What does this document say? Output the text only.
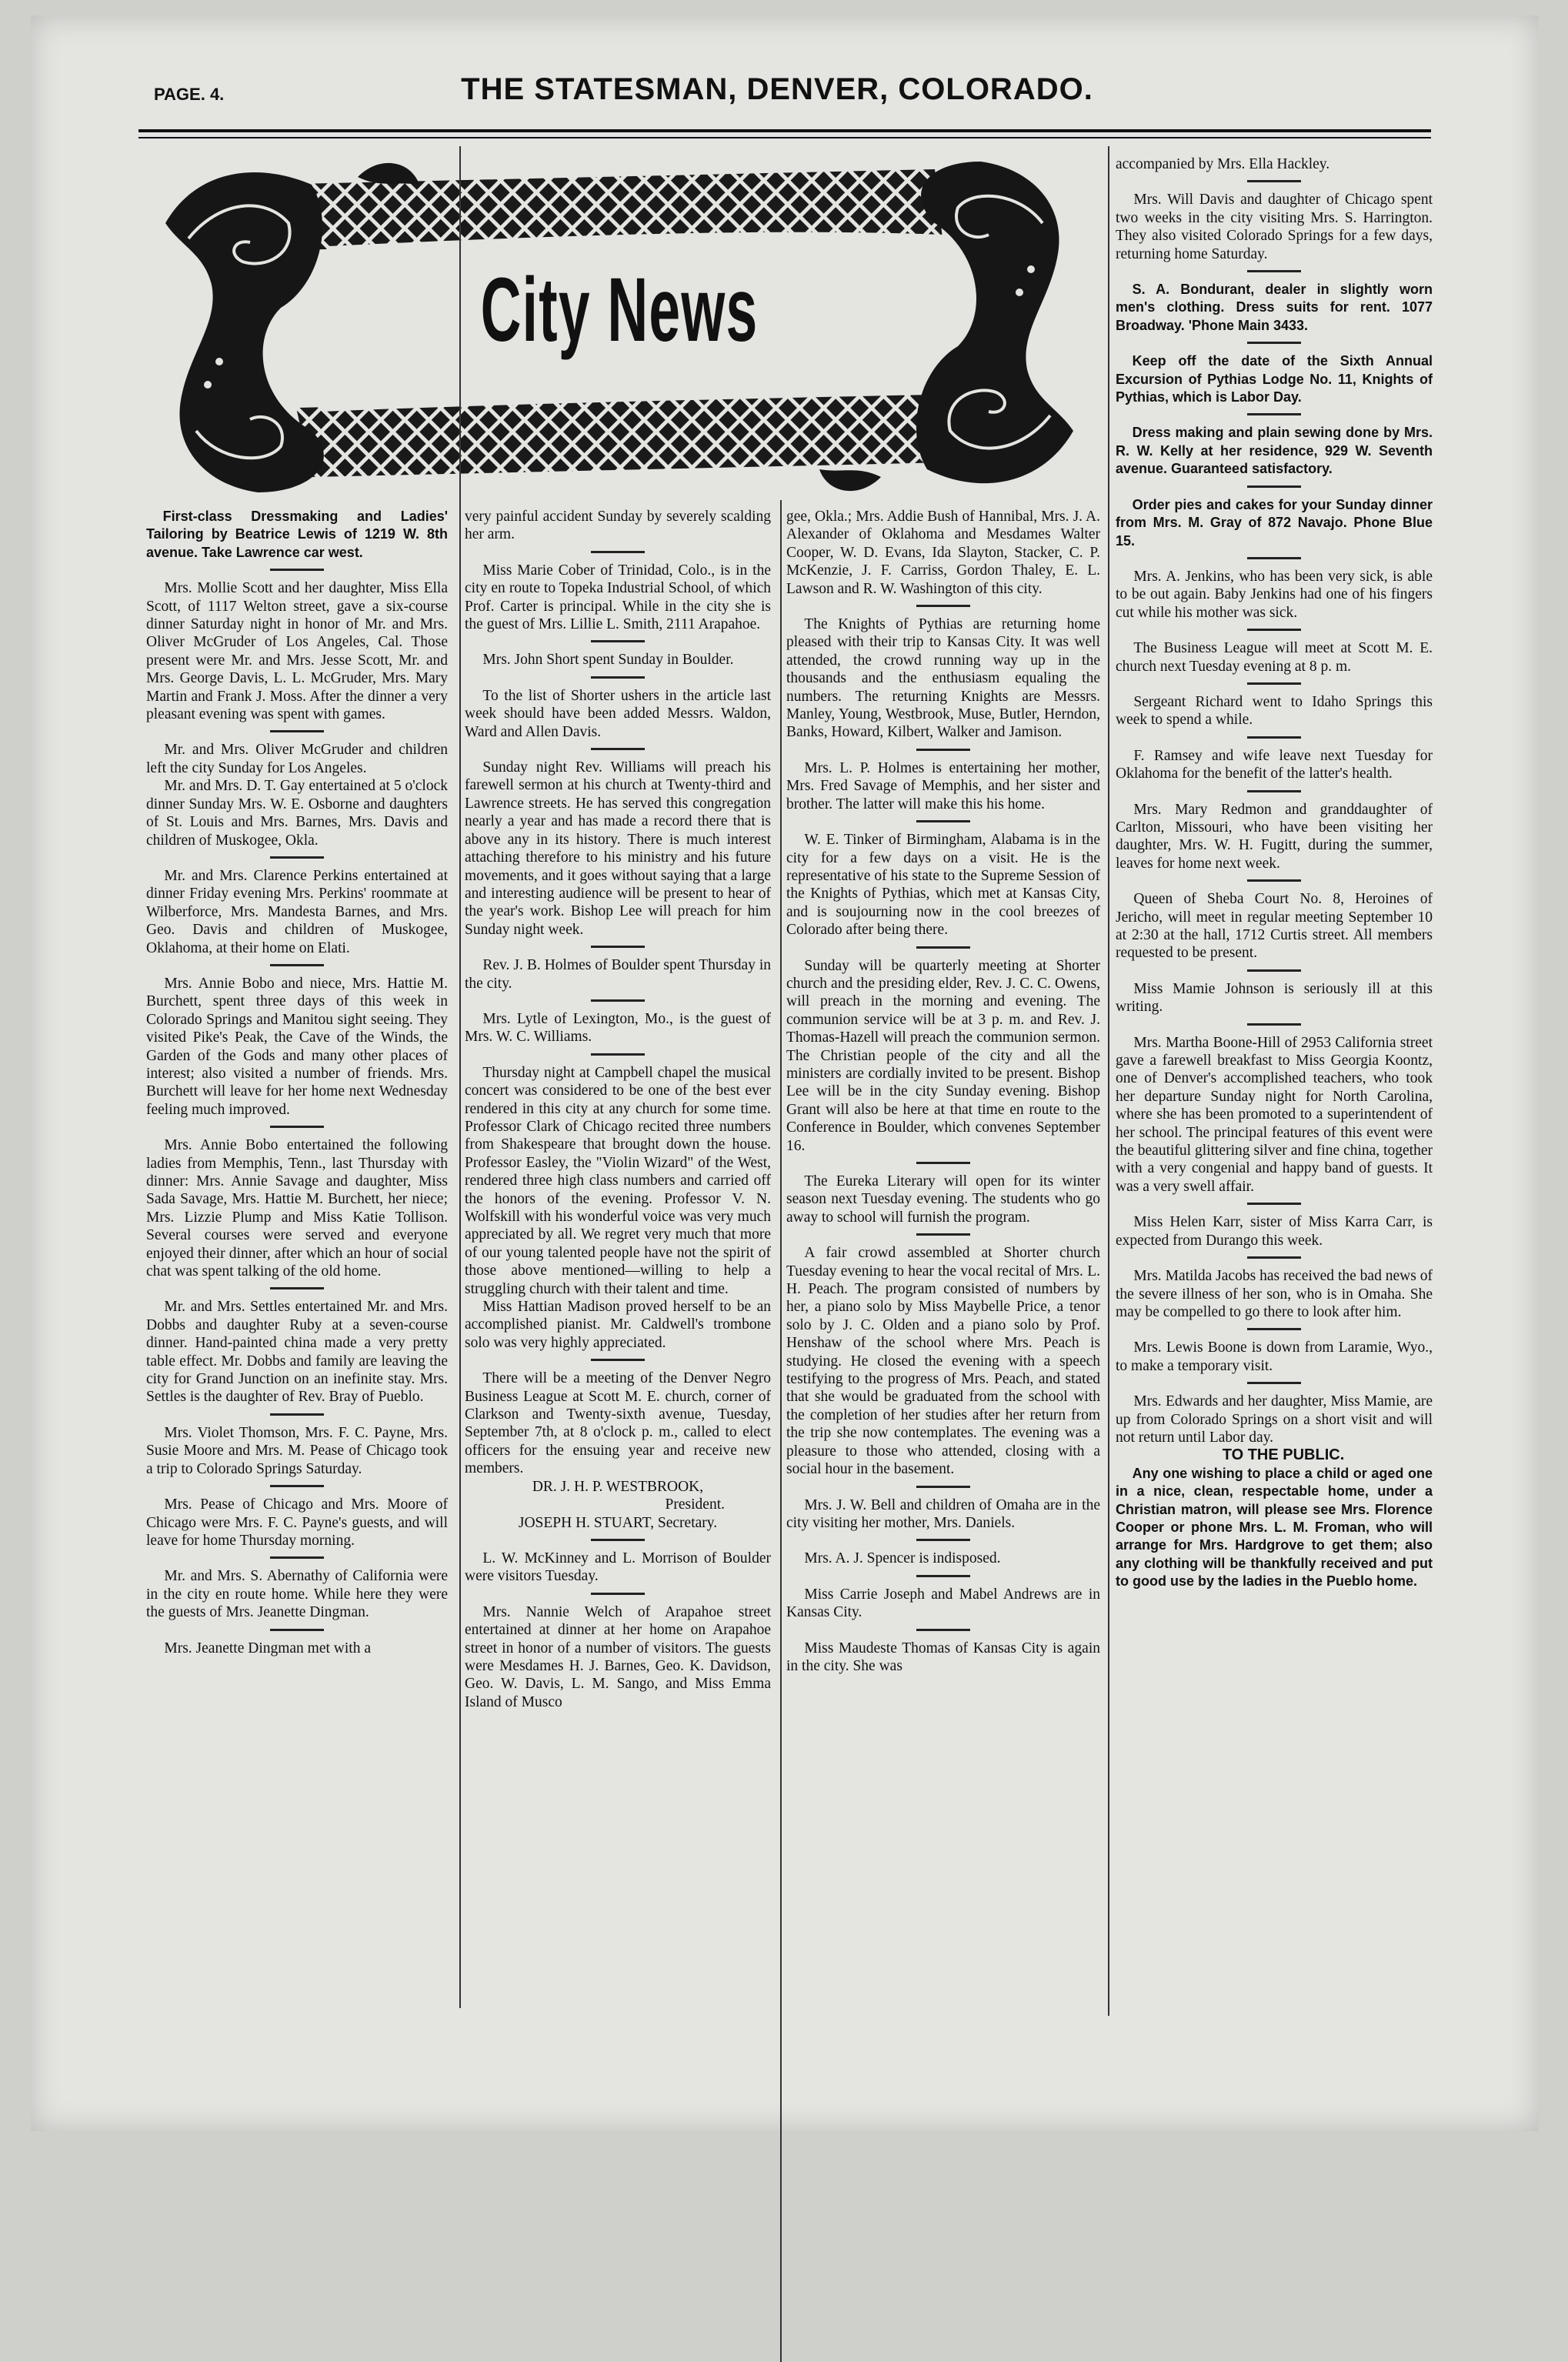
PAGE. 4.	THE STATESMAN, DENVER, COLORADO.
City News

First-class Dressmaking and Ladies' Tailoring by Beatrice Lewis of 1219 W. 8th avenue. Take Lawrence car west.

Mrs. Mollie Scott and her daughter, Miss Ella Scott, of 1117 Welton street, gave a six-course dinner Saturday night in honor of Mr. and Mrs. Oliver McGruder of Los Angeles, Cal. Those present were Mr. and Mrs. Jesse Scott, Mr. and Mrs. George Davis, L. L. McGruder, Mrs. Mary Martin and Frank J. Moss. After the dinner a very pleasant evening was spent with games.

Mr. and Mrs. Oliver McGruder and children left the city Sunday for Los Angeles.

Mr. and Mrs. D. T. Gay entertained at 5 o'clock dinner Sunday Mrs. W. E. Osborne and daughters of St. Louis and Mrs. Barnes, Mrs. Davis and children of Muskogee, Okla.

Mr. and Mrs. Clarence Perkins entertained at dinner Friday evening Mrs. Perkins' roommate at Wilberforce, Mrs. Mandesta Barnes, and Mrs. Geo. Davis and children of Muskogee, Oklahoma, at their home on Elati.

Mrs. Annie Bobo and niece, Mrs. Hattie M. Burchett, spent three days of this week in Colorado Springs and Manitou sight seeing. They visited Pike's Peak, the Cave of the Winds, the Garden of the Gods and many other places of interest; also visited a number of friends. Mrs. Burchett will leave for her home next Wednesday feeling much improved.

Mrs. Annie Bobo entertained the following ladies from Memphis, Tenn., last Thursday with dinner: Mrs. Annie Savage and daughter, Miss Sada Savage, Mrs. Hattie M. Burchett, her niece; Mrs. Lizzie Plump and Miss Katie Tollison. Several courses were served and everyone enjoyed their dinner, after which an hour of social chat was spent talking of the old home.

Mr. and Mrs. Settles entertained Mr. and Mrs. Dobbs and daughter Ruby at a seven-course dinner. Hand-painted china made a very pretty table effect. Mr. Dobbs and family are leaving the city for Grand Junction on an inefinite stay. Mrs. Settles is the daughter of Rev. Bray of Pueblo.

Mrs. Violet Thomson, Mrs. F. C. Payne, Mrs. Susie Moore and Mrs. M. Pease of Chicago took a trip to Colorado Springs Saturday.

Mrs. Pease of Chicago and Mrs. Moore of Chicago were Mrs. F. C. Payne's guests, and will leave for home Thursday morning.

Mr. and Mrs. S. Abernathy of California were in the city en route home. While here they were the guests of Mrs. Jeanette Dingman.

Mrs. Jeanette Dingman met with a

very painful accident Sunday by severely scalding her arm.

Miss Marie Cober of Trinidad, Colo., is in the city en route to Topeka Industrial School, of which Prof. Carter is principal. While in the city she is the guest of Mrs. Lillie L. Smith, 2111 Arapahoe.

Mrs. John Short spent Sunday in Boulder.

To the list of Shorter ushers in the article last week should have been added Messrs. Waldon, Ward and Allen Davis.

Sunday night Rev. Williams will preach his farewell sermon at his church at Twenty-third and Lawrence streets. He has served this congregation nearly a year and has made a record there that is above any in its history. There is much interest attaching therefore to his ministry and his future movements, and it goes without saying that a large and interesting audience will be present to hear of the year's work. Bishop Lee will preach for him Sunday night week.

Rev. J. B. Holmes of Boulder spent Thursday in the city.

Mrs. Lytle of Lexington, Mo., is the guest of Mrs. W. C. Williams.

Thursday night at Campbell chapel the musical concert was considered to be one of the best ever rendered in this city at any church for some time. Professor Clark of Chicago recited three numbers from Shakespeare that brought down the house. Professor Easley, the "Violin Wizard" of the West, rendered three high class numbers and carried off the honors of the evening. Professor V. N. Wolfskill with his wonderful voice was very much appreciated by all. We regret very much that more of our young talented people have not the spirit of those above mentioned—willing to help a struggling church with their talent and time.

Miss Hattian Madison proved herself to be an accomplished pianist. Mr. Caldwell's trombone solo was very highly appreciated.

There will be a meeting of the Denver Negro Business League at Scott M. E. church, corner of Clarkson and Twenty-sixth avenue, Tuesday, September 7th, at 8 o'clock p. m., called to elect officers for the ensuing year and receive new members.

DR. J. H. P. WESTBROOK,

President.

JOSEPH H. STUART, Secretary.

L. W. McKinney and L. Morrison of Boulder were visitors Tuesday.

Mrs. Nannie Welch of Arapahoe street entertained at dinner at her home on Arapahoe street in honor of a number of visitors. The guests were Mesdames H. J. Barnes, Geo. K. Davidson, Geo. W. Davis, L. M. Sango, and Miss Emma Island of Musco

gee, Okla.; Mrs. Addie Bush of Hannibal, Mrs. J. A. Alexander of Oklahoma and Mesdames Walter Cooper, W. D. Evans, Ida Slayton, Stacker, C. P. McKenzie, J. F. Carriss, Gordon Thaley, E. L. Lawson and R. W. Washington of this city.

The Knights of Pythias are returning home pleased with their trip to Kansas City. It was well attended, the crowd running way up in the thousands and the enthusiasm equaling the numbers. The returning Knights are Messrs. Manley, Young, Westbrook, Muse, Butler, Herndon, Banks, Howard, Kilbert, Walker and Jamison.

Mrs. L. P. Holmes is entertaining her mother, Mrs. Fred Savage of Memphis, and her sister and brother. The latter will make this his home.

W. E. Tinker of Birmingham, Alabama is in the city for a few days on a visit. He is the representative of his state to the Supreme Session of the Knights of Pythias, which met at Kansas City, and is soujourning now in the cool breezes of Colorado after being there.

Sunday will be quarterly meeting at Shorter church and the presiding elder, Rev. J. C. C. Owens, will preach in the morning and evening. The communion service will be at 3 p. m. and Rev. J. Thomas-Hazell will preach the communion sermon. The Christian people of the city and all the ministers are cordially invited to be present. Bishop Lee will be in the city Sunday evening. Bishop Grant will also be here at that time en route to the Conference in Boulder, which convenes September 16.

The Eureka Literary will open for its winter season next Tuesday evening. The students who go away to school will furnish the program.

A fair crowd assembled at Shorter church Tuesday evening to hear the vocal recital of Mrs. L. H. Peach. The program consisted of numbers by her, a piano solo by Miss Maybelle Price, a tenor solo by J. C. Olden and a piano solo by Prof. Henshaw of the school where Mrs. Peach is studying. He closed the evening with a speech testifying to the progress of Mrs. Peach, and stated that she would be graduated from the school with the completion of her studies after her return from the trip she now contemplates. The evening was a pleasure to those who attended, closing with a social hour in the basement.

Mrs. J. W. Bell and children of Omaha are in the city visiting her mother, Mrs. Daniels.

Mrs. A. J. Spencer is indisposed.

Miss Carrie Joseph and Mabel Andrews are in Kansas City.

Miss Maudeste Thomas of Kansas City is again in the city. She was

accompanied by Mrs. Ella Hackley.

Mrs. Will Davis and daughter of Chicago spent two weeks in the city visiting Mrs. S. Harrington. They also visited Colorado Springs for a few days, returning home Saturday.

S. A. Bondurant, dealer in slightly worn men's clothing. Dress suits for rent. 1077 Broadway. 'Phone Main 3433.

Keep off the date of the Sixth Annual Excursion of Pythias Lodge No. 11, Knights of Pythias, which is Labor Day.

Dress making and plain sewing done by Mrs. R. W. Kelly at her residence, 929 W. Seventh avenue. Guaranteed satisfactory.

Order pies and cakes for your Sunday dinner from Mrs. M. Gray of 872 Navajo. Phone Blue 15.

Mrs. A. Jenkins, who has been very sick, is able to be out again. Baby Jenkins had one of his fingers cut while his mother was sick.

The Business League will meet at Scott M. E. church next Tuesday evening at 8 p. m.

Sergeant Richard went to Idaho Springs this week to spend a while.

F. Ramsey and wife leave next Tuesday for Oklahoma for the benefit of the latter's health.

Mrs. Mary Redmon and granddaughter of Carlton, Missouri, who have been visiting her daughter, Mrs. W. H. Fugitt, during the summer, leaves for home next week.

Queen of Sheba Court No. 8, Heroines of Jericho, will meet in regular meeting September 10 at 2:30 at the hall, 1712 Curtis street. All members requested to be present.

Miss Mamie Johnson is seriously ill at this writing.

Mrs. Martha Boone-Hill of 2953 California street gave a farewell breakfast to Miss Georgia Koontz, one of Denver's accomplished teachers, who took her departure Sunday night for North Carolina, where she has been promoted to a superintendent of her school. The principal features of this event were the beautiful glittering silver and fine china, together with a very congenial and happy band of guests. It was a very swell affair.

Miss Helen Karr, sister of Miss Karra Carr, is expected from Durango this week.

Mrs. Matilda Jacobs has received the bad news of the severe illness of her son, who is in Omaha. She may be compelled to go there to look after him.

Mrs. Lewis Boone is down from Laramie, Wyo., to make a temporary visit.

Mrs. Edwards and her daughter, Miss Mamie, are up from Colorado Springs on a short visit and will not return until Labor day.

TO THE PUBLIC.

Any one wishing to place a child or aged one in a nice, clean, respectable home, under a Christian matron, will please see Mrs. Florence Cooper or phone Mrs. L. M. Froman, who will arrange for Mrs. Hardgrove to get them; also any clothing will be thankfully received and put to good use by the ladies in the Pueblo home.
